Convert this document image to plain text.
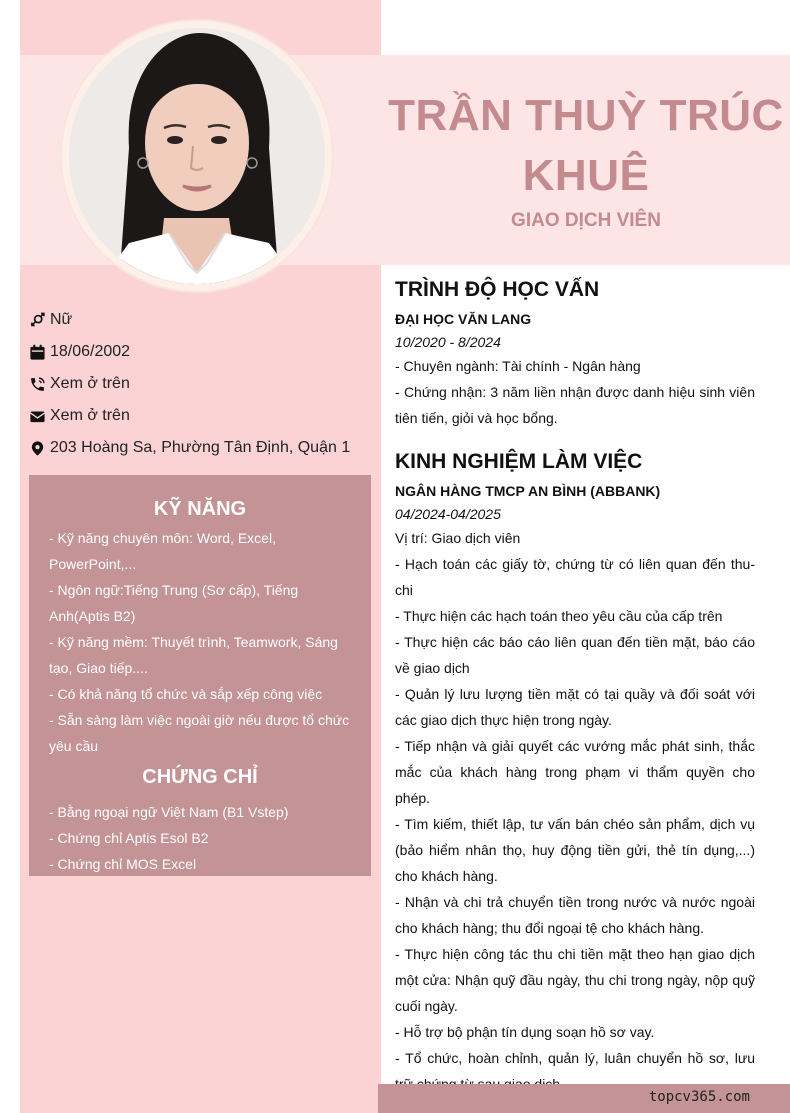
TRẦN THUỲ TRÚC KHUÊ
GIAO DỊCH VIÊN
Nữ
18/06/2002
Xem ở trên
Xem ở trên
203 Hoàng Sa, Phường Tân Định, Quận 1
KỸ NĂNG
- Kỹ năng chuyên môn: Word, Excel,
PowerPoint,...
- Ngôn ngữ:Tiếng Trung (Sơ cấp), Tiếng
Anh(Aptis B2)
- Kỹ năng mềm: Thuyết trình, Teamwork, Sáng
tạo, Giao tiếp....
- Có khả năng tổ chức và sắp xếp công việc
- Sẵn sàng làm việc ngoài giờ nếu được tổ chức
yêu cầu
CHỨNG CHỈ
- Bằng ngoại ngữ Việt Nam (B1 Vstep)
- Chứng chỉ Aptis Esol B2
- Chứng chỉ MOS Excel
TRÌNH ĐỘ HỌC VẤN
ĐẠI HỌC VĂN LANG
10/2020 - 8/2024
- Chuyên ngành: Tài chính - Ngân hàng
- Chứng nhận: 3 năm liền nhận được danh hiệu sinh viên tiên tiến, giỏi và học bổng.
KINH NGHIỆM LÀM VIỆC
NGÂN HÀNG TMCP AN BÌNH (ABBANK)
04/2024-04/2025
Vị trí: Giao dịch viên
- Hạch toán các giấy tờ, chứng từ có liên quan đến thu-chi
- Thực hiện các hạch toán theo yêu cầu của cấp trên
- Thực hiện các báo cáo liên quan đến tiền mặt, báo cáo về giao dịch
- Quản lý lưu lượng tiền mặt có tại quầy và đối soát với các giao dịch thực hiện trong ngày.
- Tiếp nhận và giải quyết các vướng mắc phát sinh, thắc mắc của khách hàng trong phạm vi thẩm quyền cho phép.
- Tìm kiếm, thiết lập, tư vấn bán chéo sản phẩm, dịch vụ (bảo hiểm nhân thọ, huy động tiền gửi, thẻ tín dụng,...) cho khách hàng.
- Nhận và chi trả chuyển tiền trong nước và nước ngoài cho khách hàng; thu đổi ngoại tệ cho khách hàng.
- Thực hiện công tác thu chi tiền mặt theo hạn giao dịch một cửa: Nhận quỹ đầu ngày, thu chi trong ngày, nộp quỹ cuối ngày.
- Hỗ trợ bộ phận tín dụng soạn hồ sơ vay.
- Tổ chức, hoàn chỉnh, quản lý, luân chuyển hồ sơ, lưu
topcv365.com
